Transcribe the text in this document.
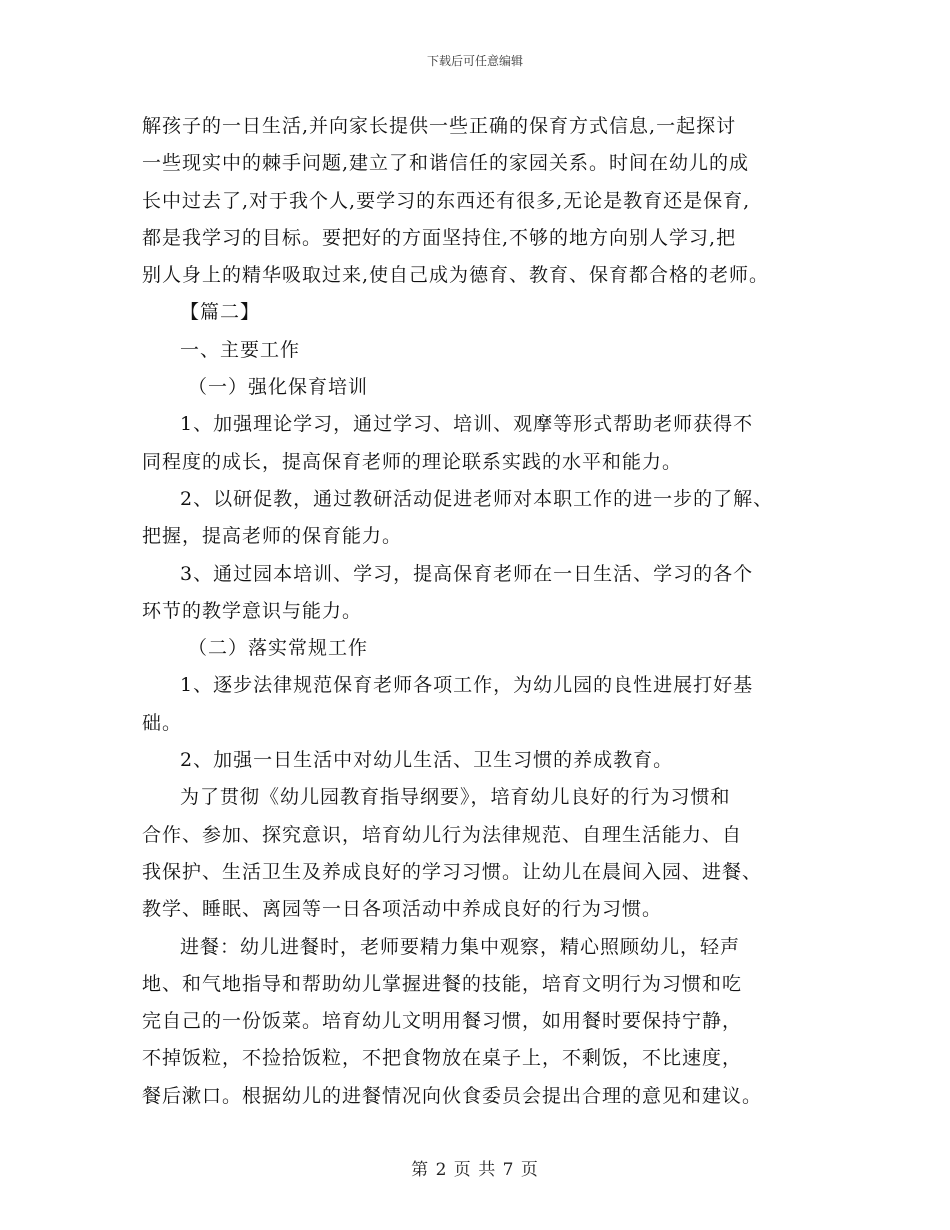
下载后可任意编辑
解孩子的一日生活,并向家长提供一些正确的保育方式信息,一起探讨
一些现实中的棘手问题,建立了和谐信任的家园关系。时间在幼儿的成
长中过去了,对于我个人,要学习的东西还有很多,无论是教育还是保育,
都是我学习的目标。要把好的方面坚持住,不够的地方向别人学习,把
别人身上的精华吸取过来,使自己成为德育、教育、保育都合格的老师。
【篇二】
一、主要工作
（一）强化保育培训
1、加强理论学习，通过学习、培训、观摩等形式帮助老师获得不
同程度的成长，提高保育老师的理论联系实践的水平和能力。
2、以研促教，通过教研活动促进老师对本职工作的进一步的了解、
把握，提高老师的保育能力。
3、通过园本培训、学习，提高保育老师在一日生活、学习的各个
环节的教学意识与能力。
（二）落实常规工作
1、逐步法律规范保育老师各项工作，为幼儿园的良性进展打好基
础。
2、加强一日生活中对幼儿生活、卫生习惯的养成教育。
为了贯彻《幼儿园教育指导纲要》，培育幼儿良好的行为习惯和
合作、参加、探究意识，培育幼儿行为法律规范、自理生活能力、自
我保护、生活卫生及养成良好的学习习惯。让幼儿在晨间入园、进餐、
教学、睡眠、离园等一日各项活动中养成良好的行为习惯。
进餐：幼儿进餐时，老师要精力集中观察，精心照顾幼儿，轻声
地、和气地指导和帮助幼儿掌握进餐的技能，培育文明行为习惯和吃
完自己的一份饭菜。培育幼儿文明用餐习惯，如用餐时要保持宁静，
不掉饭粒，不捡拾饭粒，不把食物放在桌子上，不剩饭，不比速度，
餐后漱口。根据幼儿的进餐情况向伙食委员会提出合理的意见和建议。
第 2 页 共 7 页
